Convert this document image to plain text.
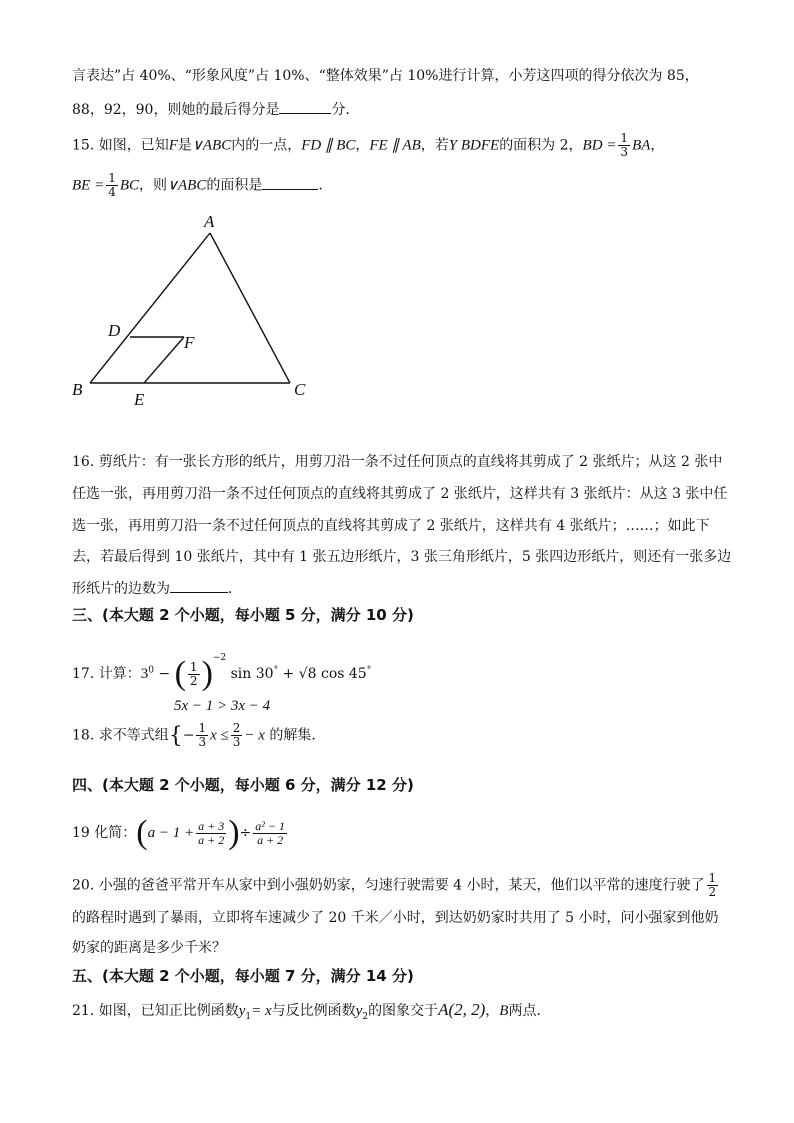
言表达”占 40%、“形象风度”占 10%、“整体效果”占 10%进行计算，小芳这四项的得分依次为 85，
88，92，90，则她的最后得分是	分．
15. 如图，已知F是∨ABC内的一点，FD ∥ BC，FE ∥ AB，若Y BDFE的面积为 2，BD = $\frac{1}{3}$ BA，
BE = $\frac{1}{4}$ BC，则∨ABC的面积是	．
A
B	C
D
E
F
16. 剪纸片：有一张长方形的纸片，用剪刀沿一条不过任何顶点的直线将其剪成了 2 张纸片；从这 2 张中
任选一张，再用剪刀沿一条不过任何顶点的直线将其剪成了 2 张纸片，这样共有 3 张纸片：从这 3 张中任
选一张，再用剪刀沿一条不过任何顶点的直线将其剪成了 2 张纸片，这样共有 4 张纸片；……；如此下
去，若最后得到 10 张纸片，其中有 1 张五边形纸片，3 张三角形纸片，5 张四边形纸片，则还有一张多边
形纸片的边数为	．
三、(本大题 2 个小题，每小题 5 分，满分 10 分)
17. 计算：$3^0$ − ( $\frac{1}{2} )^{-2}$ sin 30° + √8 cos 45°
5x − 1 > 3x − 4
18. 求不等式组{− $\frac{1}{3}$ $x \le \frac{2}{3} - x$ 的解集．
四、(本大题 2 个小题，每小题 6 分，满分 12 分)
19 化简：($a - 1 + \frac{a + 3}{a + 2}$ )÷ $\frac{\text{a² − 1}}{a + 2}$
20. 小强的爸爸平常开车从家中到小强奶奶家，匀速行驶需要 4 小时，某天，他们以平常的速度行驶了 $\frac{1}{2}$
的路程时遇到了暴雨，立即将车速减少了 20 千米／小时，到达奶奶家时共用了 5 小时，问小强家到他奶
奶家的距离是多少千米？
五、(本大题 2 个小题，每小题 7 分，满分 14 分)
21. 如图，已知正比例函数$y_1= x$与反比例函数$y_2$的图象交于A(2, 2)，B两点．
